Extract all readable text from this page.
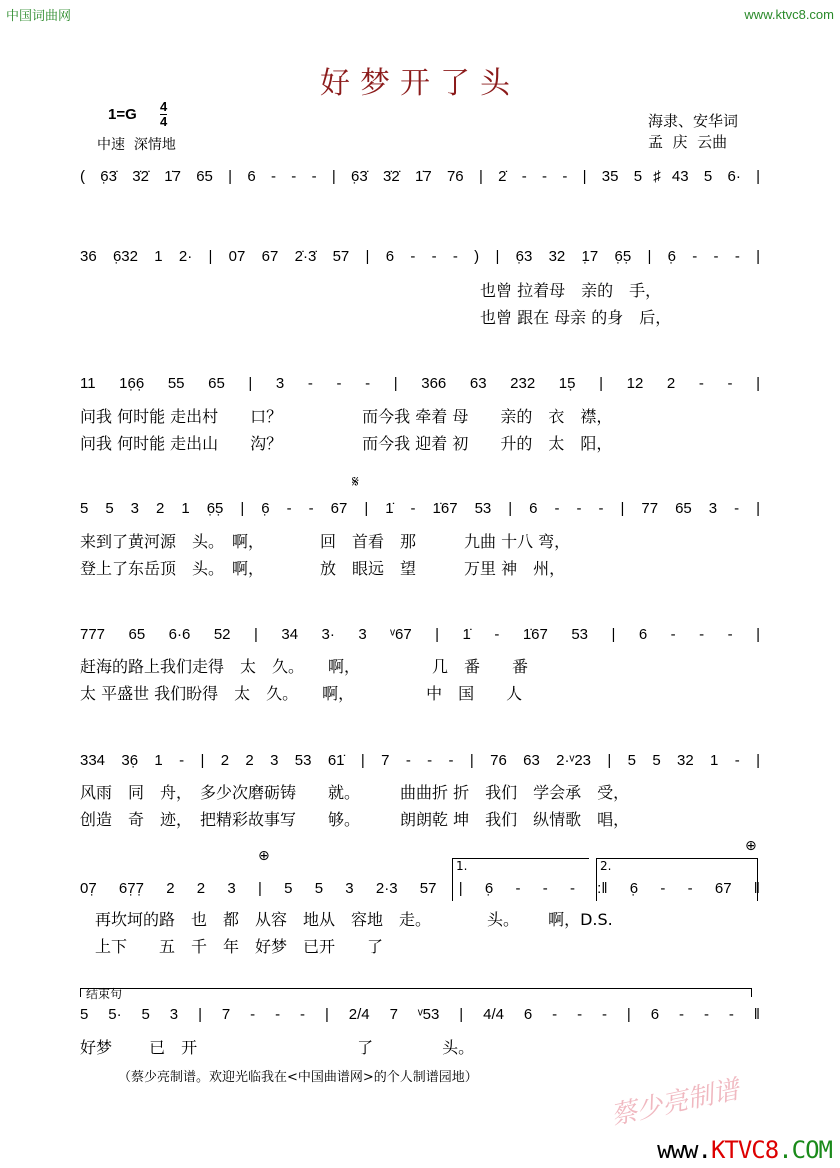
中国词曲网	www.ktvc8.com
好梦开了头
1=G 4
4
中速  深情地
海隶、安华词
孟  庆  云曲
( 6̣3̇ 3̇2̇ 1̇7 65 | 6 - - - | 6̣3̇ 3̇2̇ 1̇7 76 | 2̇ - - - | 35 5♯43 5 6· |
36 6̣32 1 2· | 07 67 2̇·3̇ 57 | 6 - - - ) | 6̣3 32 1̣7 6̣5̣ | 6̣ - - - |
也曾 拉着母　亲的　手，
也曾 跟在 母亲 的身　后，
11 16̣6̣ 55 65 | 3 - - - | 366 63 232 15̣ | 12 2 - - |
问我 何时能 走出村　　口？　　　　　而今我 牵着 母　　亲的　衣　襟，
问我 何时能 走出山　　沟？　　　　　而今我 迎着 初　　升的　太　阳，
𝄋
5 5 3 2 1 6̣5̣ | 6̣ - - 67 | 1̇ - 1̇67 53 | 6 - - - | 77 65 3 - |
来到了黄河源　头。　啊，　　　　回　首看　那　　　九曲 十八 弯，
登上了东岳顶　头。　啊，　　　　放　眼远　望　　　万里 神　州，
777 65 6·6 52 | 34 3· 3 ᵛ67 | 1̇ - 1̇67 53 | 6 - - - |
赶海的路上我们走得　太　久。　　啊，　　　　　几　番　　番
太 平盛世 我们盼得　太　久。　　啊，　　　　　中　国　　人
334 36̣ 1 - | 2 2 3 53 61̇ | 7 - - - | 76 63 2·ᵛ23 | 5 5 32 1 - |
风雨　同　舟，　多少次磨砺铸　　就。　　　曲曲折 折　我们　学会承　受，
创造　奇　迹，　把精彩故事写　　够。　　　朗朗乾 坤　我们　纵情歌　唱，
⊕
⊕
1.	2.
07̣ 67̣7̣ 2 2 3 | 5 5 3 2·3 57 | 6̣ - - - :‖ 6̣ - - 67 ‖
再坎坷的路　也　都　从容　地从　容地　走。　　　　头。　　 啊，D.S.
上下　　五　千　年　好梦　已开　　了
结束句
5 5· 5 3 | 7 - - - | 2/4 7 ᵛ53 | 4/4 6 - - - | 6 - - - ‖
好梦　　 已　开　　　　　　　　　　了　　　　 头。
蔡少亮制谱
（蔡少亮制谱。欢迎光临我在<中国曲谱网>的个人制谱园地）
www.KTVC8.COM
